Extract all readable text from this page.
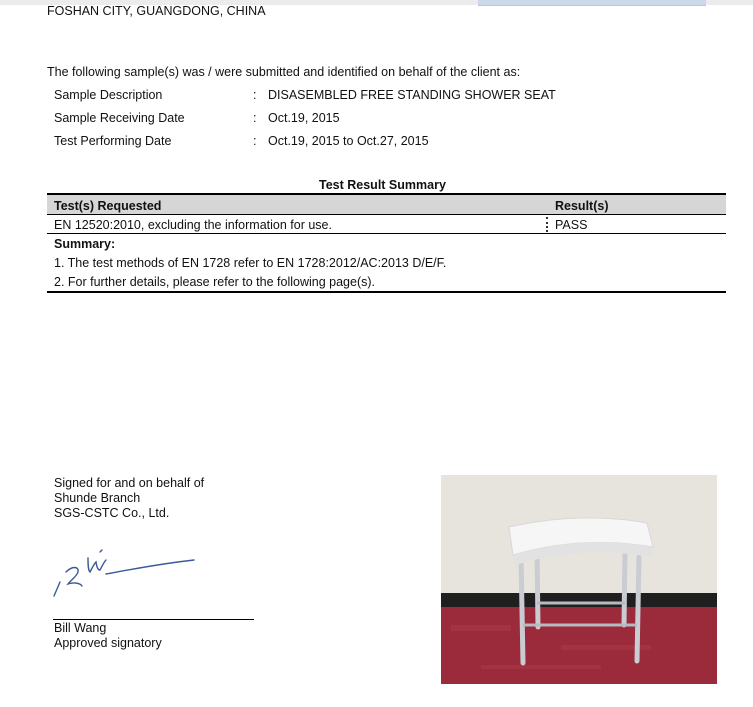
FOSHAN CITY, GUANGDONG, CHINA
The following sample(s) was / were submitted and identified on behalf of the client as:
Sample Description	: DISASEMBLED FREE STANDING SHOWER SEAT
Sample Receiving Date	: Oct.19, 2015
Test Performing Date	: Oct.19, 2015 to Oct.27, 2015
Test Result Summary
Test(s) Requested	Result(s)
EN 12520:2010, excluding the information for use.	PASS
Summary:
1. The test methods of EN 1728 refer to EN 1728:2012/AC:2013 D/E/F.
2. For further details, please refer to the following page(s).
Signed for and on behalf of
Shunde Branch
SGS-CSTC Co., Ltd.
Bill Wang
Approved signatory
